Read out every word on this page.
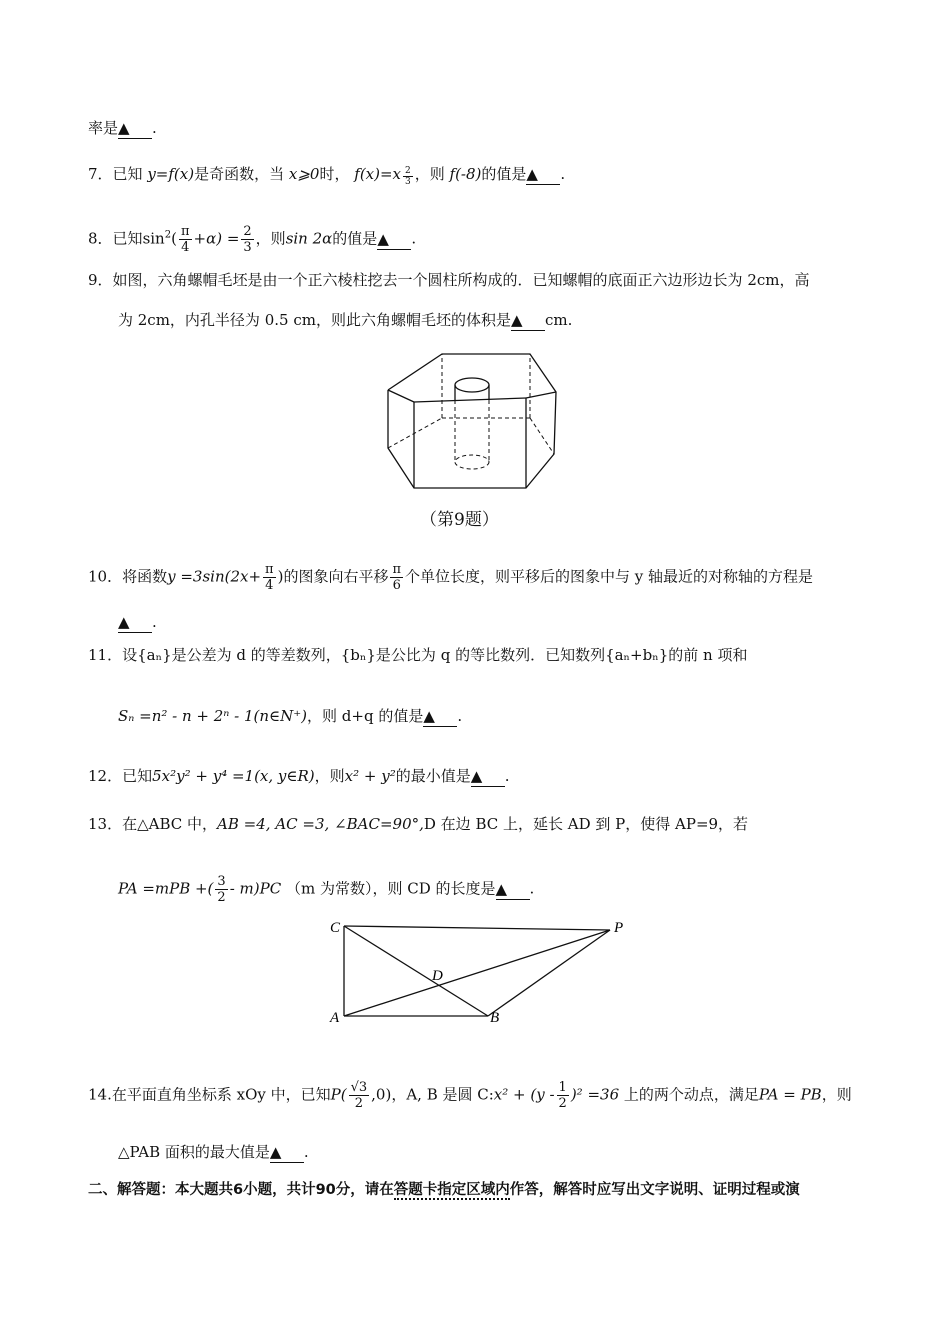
率是▲ .
7．已知 y=f(x)是奇函数，当 x⩾0时， $f(x)=x \frac{2}{3}$ ，则 f(-8)的值是▲ .
8．已知$\sin^2( \frac{\pi}{4} +\alpha) = \frac{2}{3}$ ，则sin 2α的值是▲ .
9．如图，六角螺帽毛坯是由一个正六棱柱挖去一个圆柱所构成的．已知螺帽的底面正六边形边长为 2cm，高
为 2cm，内孔半径为 0.5 cm，则此六角螺帽毛坯的体积是▲ cm.
（第9题）
10．将函数$y =3\sin(2x+ \frac{\pi}{4}$ )的图象向右平移 $\frac{\pi}{6}$ 个单位长度，则平移后的图象中与 y 轴最近的对称轴的方程是
▲ .
11．设{aₙ}是公差为 d 的等差数列，{bₙ}是公比为 q 的等比数列．已知数列{aₙ+bₙ}的前 n 项和
Sₙ =n² - n + 2ⁿ - 1(n∈N⁺)，则 d+q 的值是▲ .
12．已知5x²y² + y⁴ =1(x, y∈R)，则x² + y²的最小值是▲ .
13．在△ABC 中，AB =4, AC =3, ∠BAC=90°,D 在边 BC 上，延长 AD 到 P，使得 AP=9，若
PA =mPB +( $\frac{3}{2} - m)PC$ （m 为常数），则 CD 的长度是▲ .
C	P
D
A	B
14.在平面直角坐标系 xOy 中，已知$P( \frac{√3}{2} ,0)$，A, B 是圆 C:x² + $(y - \frac{1}{2} )^2 =36$ 上的两个动点，满足PA = PB，则
△PAB 面积的最大值是▲ .
二、解答题：本大题共6小题，共计90分，请在答题卡指定区域内作答，解答时应写出文字说明、证明过程或演
